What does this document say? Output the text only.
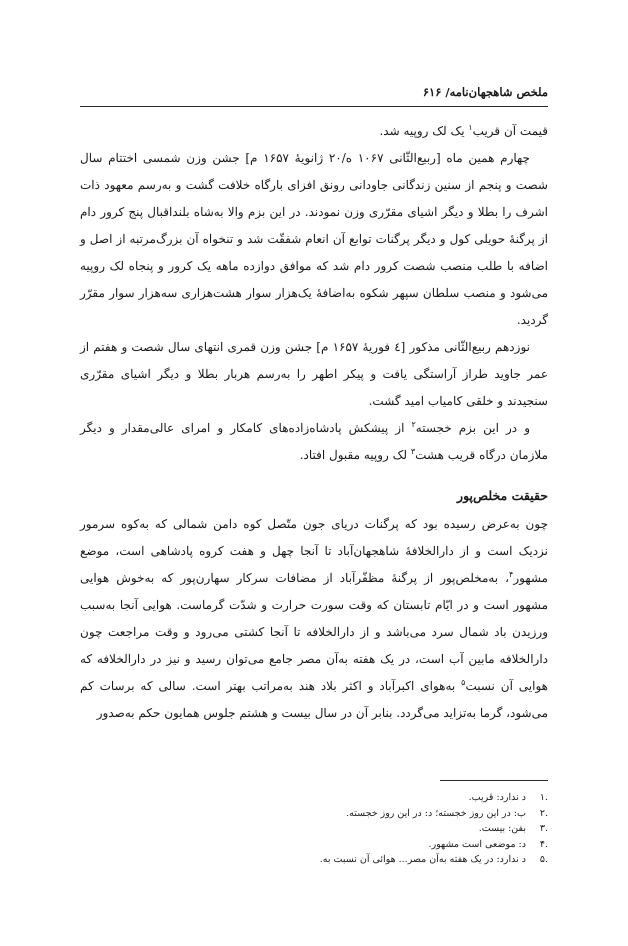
ملخص شاهجهان‌نامه/ ۶۱۶

قیمت آن قریب$^۱$ یک لک روپیه شد.

چهارم همین ماه [ربیع‌الثّانی ۱۰۶۷ ه/۲۰ ژانویهٔ ۱۶۵۷ م] جشن وزن شمسی اختتام سال شصت و پنجم از سنین زندگانی جاودانی رونق افزای بارگاه خلافت گشت و به‌رسم معهود ذات اشرف را بطلا و دیگر اشیای مقرّری وزن نمودند. در این بزم والا به‌شاه بلنداقبال پنج کرور دام از پرگنهٔ حویلی کول و دیگر پرگنات توابع آن انعام شفقّت شد و تنخواه آن بزرگ‌مرتبه از اصل و اضافه با طلب منصب شصت کرور دام شد که موافق دوازده ماهه یک کرور و پنجاه لک روپیه می‌شود و منصب سلطان سپهر شکوه به‌اضافهٔ یک‌هزار سوار هشت‌هزاری سه‌هزار سوار مقرّر گردید.

نوزدهم ربیع‌الثّانی مذکور [٤ فوریهٔ ۱۶۵۷ م] جشن وزن قمری انتهای سال شصت و هفتم از عمر جاوید طراز آراستگی یافت و پیکر اطهر را به‌رسم هربار بطلا و دیگر اشیای مقرّری سنجیدند و خلقی کامیاب امید گشت.

و در این بزم خجسته$^۲$ از پیشکش پادشاه‌زاده‌های کامکار و امرای عالی‌مقدار و دیگر ملازمان درگاه قریب هشت$^۳$ لک روپیه مقبول افتاد.

حقیقت مخلص‌پور

چون به‌عرض رسیده بود که پرگنات دریای جون متّصل کوه دامن شمالی که به‌کوه سرمور نزدیک است و از دارالخلافهٔ شاهجهان‌آباد تا آنجا چهل و هفت کروه پادشاهی است، موضع مشهور$^۴$، به‌مخلص‌پور از پرگنهٔ مظفّرآباد از مضافات سرکار سهارن‌پور که به‌خوش هوایی مشهور است و در ایّام تابستان که وقت سورت حرارت و شدّت گرماست. هوایی آنجا به‌سبب ورزیدن باد شمال سرد می‌باشد و از دارالخلافه تا آنجا کشتی می‌رود و وقت مراجعت چون دارالخلافه مابین آب است، در یک هفته به‌آن مصر جامع می‌توان رسید و نیز در دارالخلافه که هوایی آن نسبت$^۵$ به‌هوای اکبرآباد و اکثر بلاد هند به‌مراتب بهتر است. سالی که برسات کم می‌شود، گرما به‌تزاید می‌گردد. بنابر آن در سال بیست و هشتم جلوس همایون حکم به‌صدور

.۱
د ندارد: قریب.
.۲
ب: در این روز خجسته؛ د: در این روز خجسته.
.۳
بفن: بیست.
.۴
د: موضعی است مشهور.
.۵
د ندارد: در یک هفته به‌آن مصر... هوائی آن نسبت به.
